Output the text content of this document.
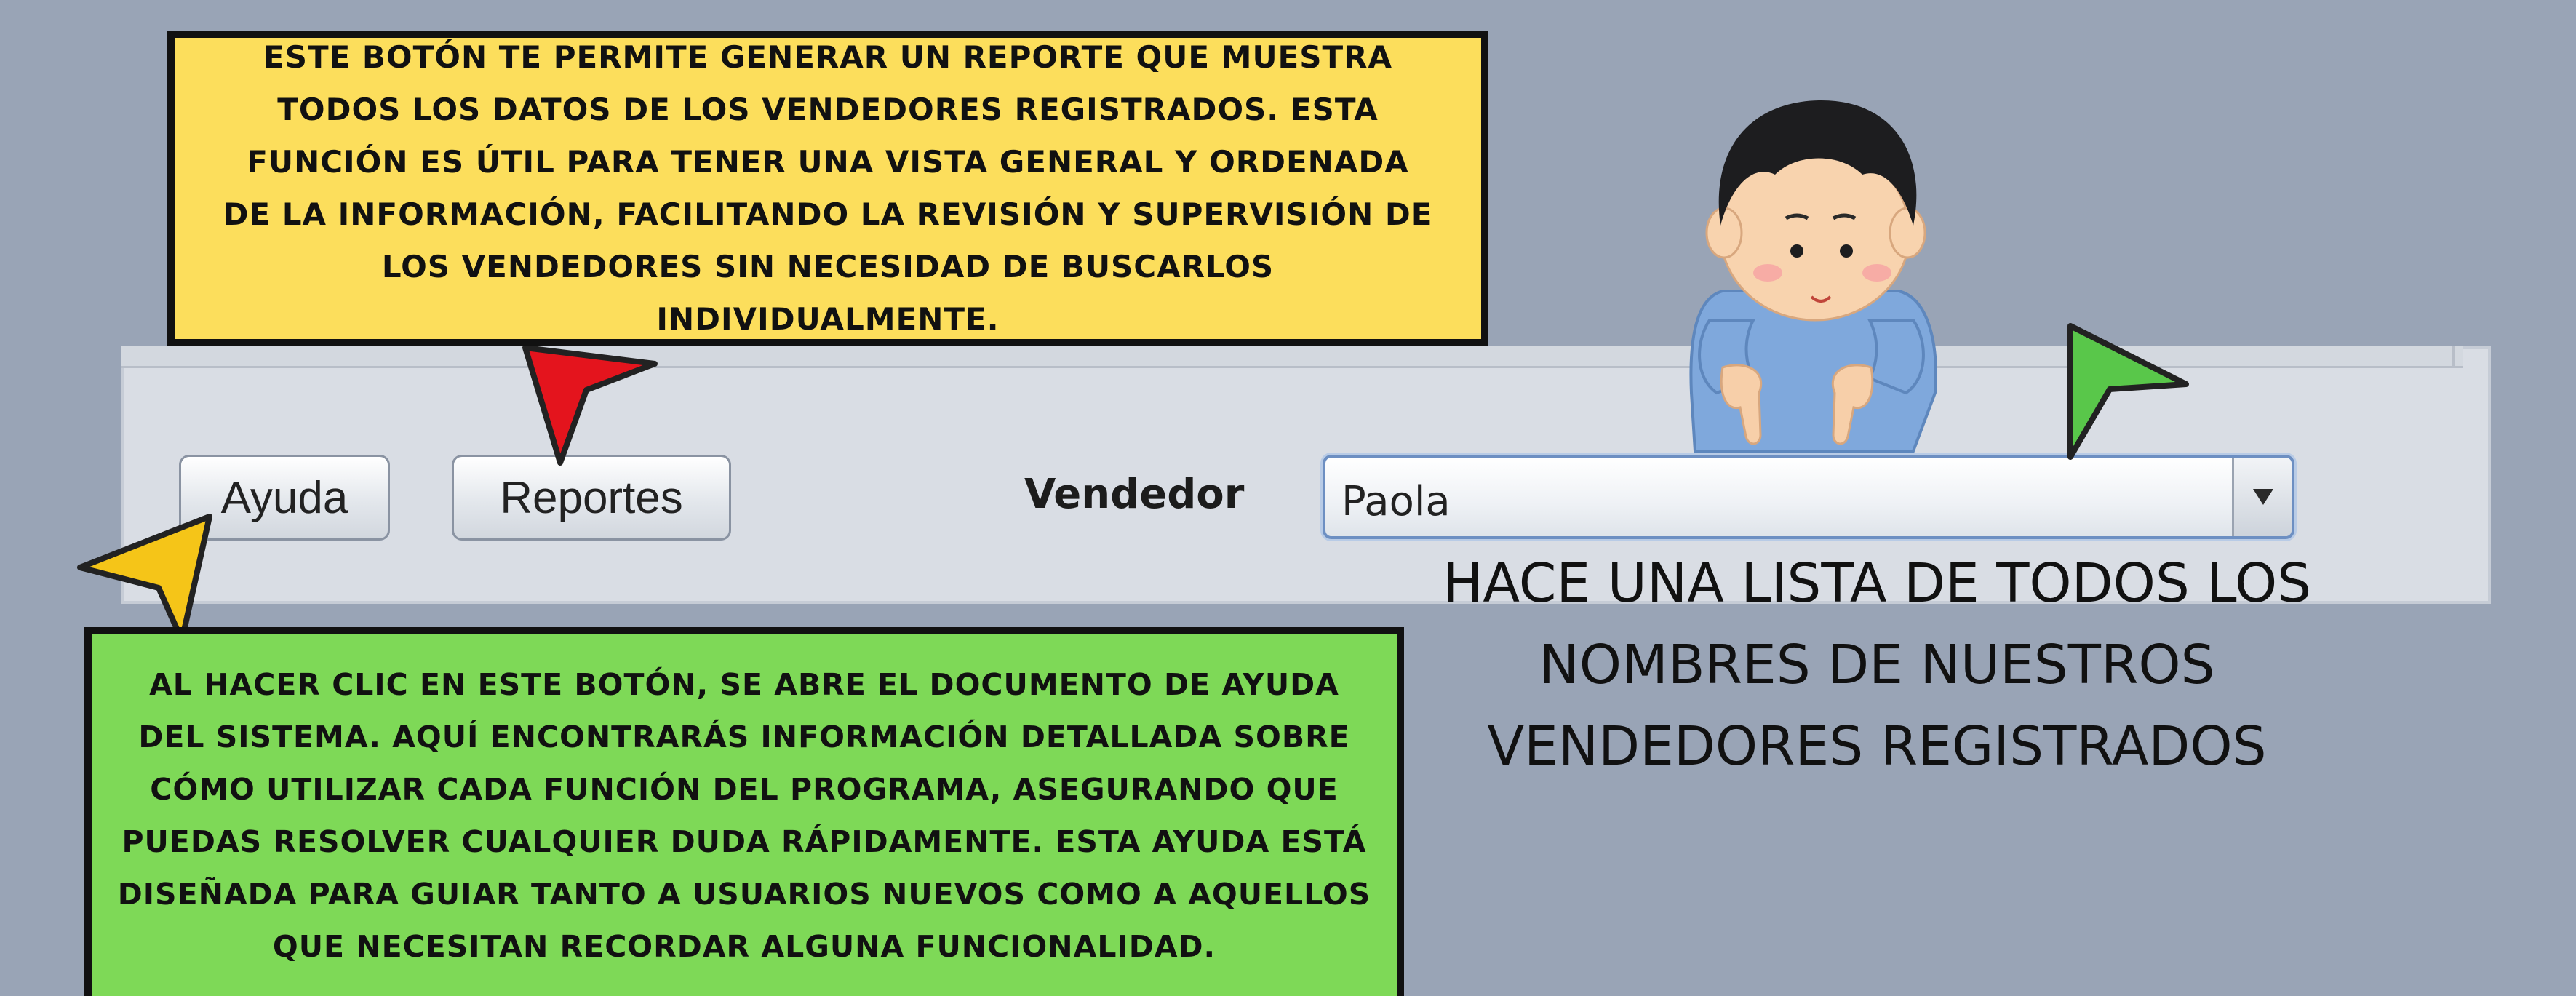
Ayuda	Reportes	Vendedor Paola
ESTE BOTÓN TE PERMITE GENERAR UN REPORTE QUE MUESTRA TODOS LOS DATOS DE LOS VENDEDORES REGISTRADOS. ESTA FUNCIÓN ES ÚTIL PARA TENER UNA VISTA GENERAL Y ORDENADA DE LA INFORMACIÓN, FACILITANDO LA REVISIÓN Y SUPERVISIÓN DE LOS VENDEDORES SIN NECESIDAD DE BUSCARLOS INDIVIDUALMENTE.
AL HACER CLIC EN ESTE BOTÓN, SE ABRE EL DOCUMENTO DE AYUDA DEL SISTEMA. AQUÍ ENCONTRARÁS INFORMACIÓN DETALLADA SOBRE CÓMO UTILIZAR CADA FUNCIÓN DEL PROGRAMA, ASEGURANDO QUE PUEDAS RESOLVER CUALQUIER DUDA RÁPIDAMENTE. ESTA AYUDA ESTÁ DISEÑADA PARA GUIAR TANTO A USUARIOS NUEVOS COMO A AQUELLOS QUE NECESITAN RECORDAR ALGUNA FUNCIONALIDAD.
HACE UNA LISTA DE TODOS LOS NOMBRES DE NUESTROS VENDEDORES REGISTRADOS
